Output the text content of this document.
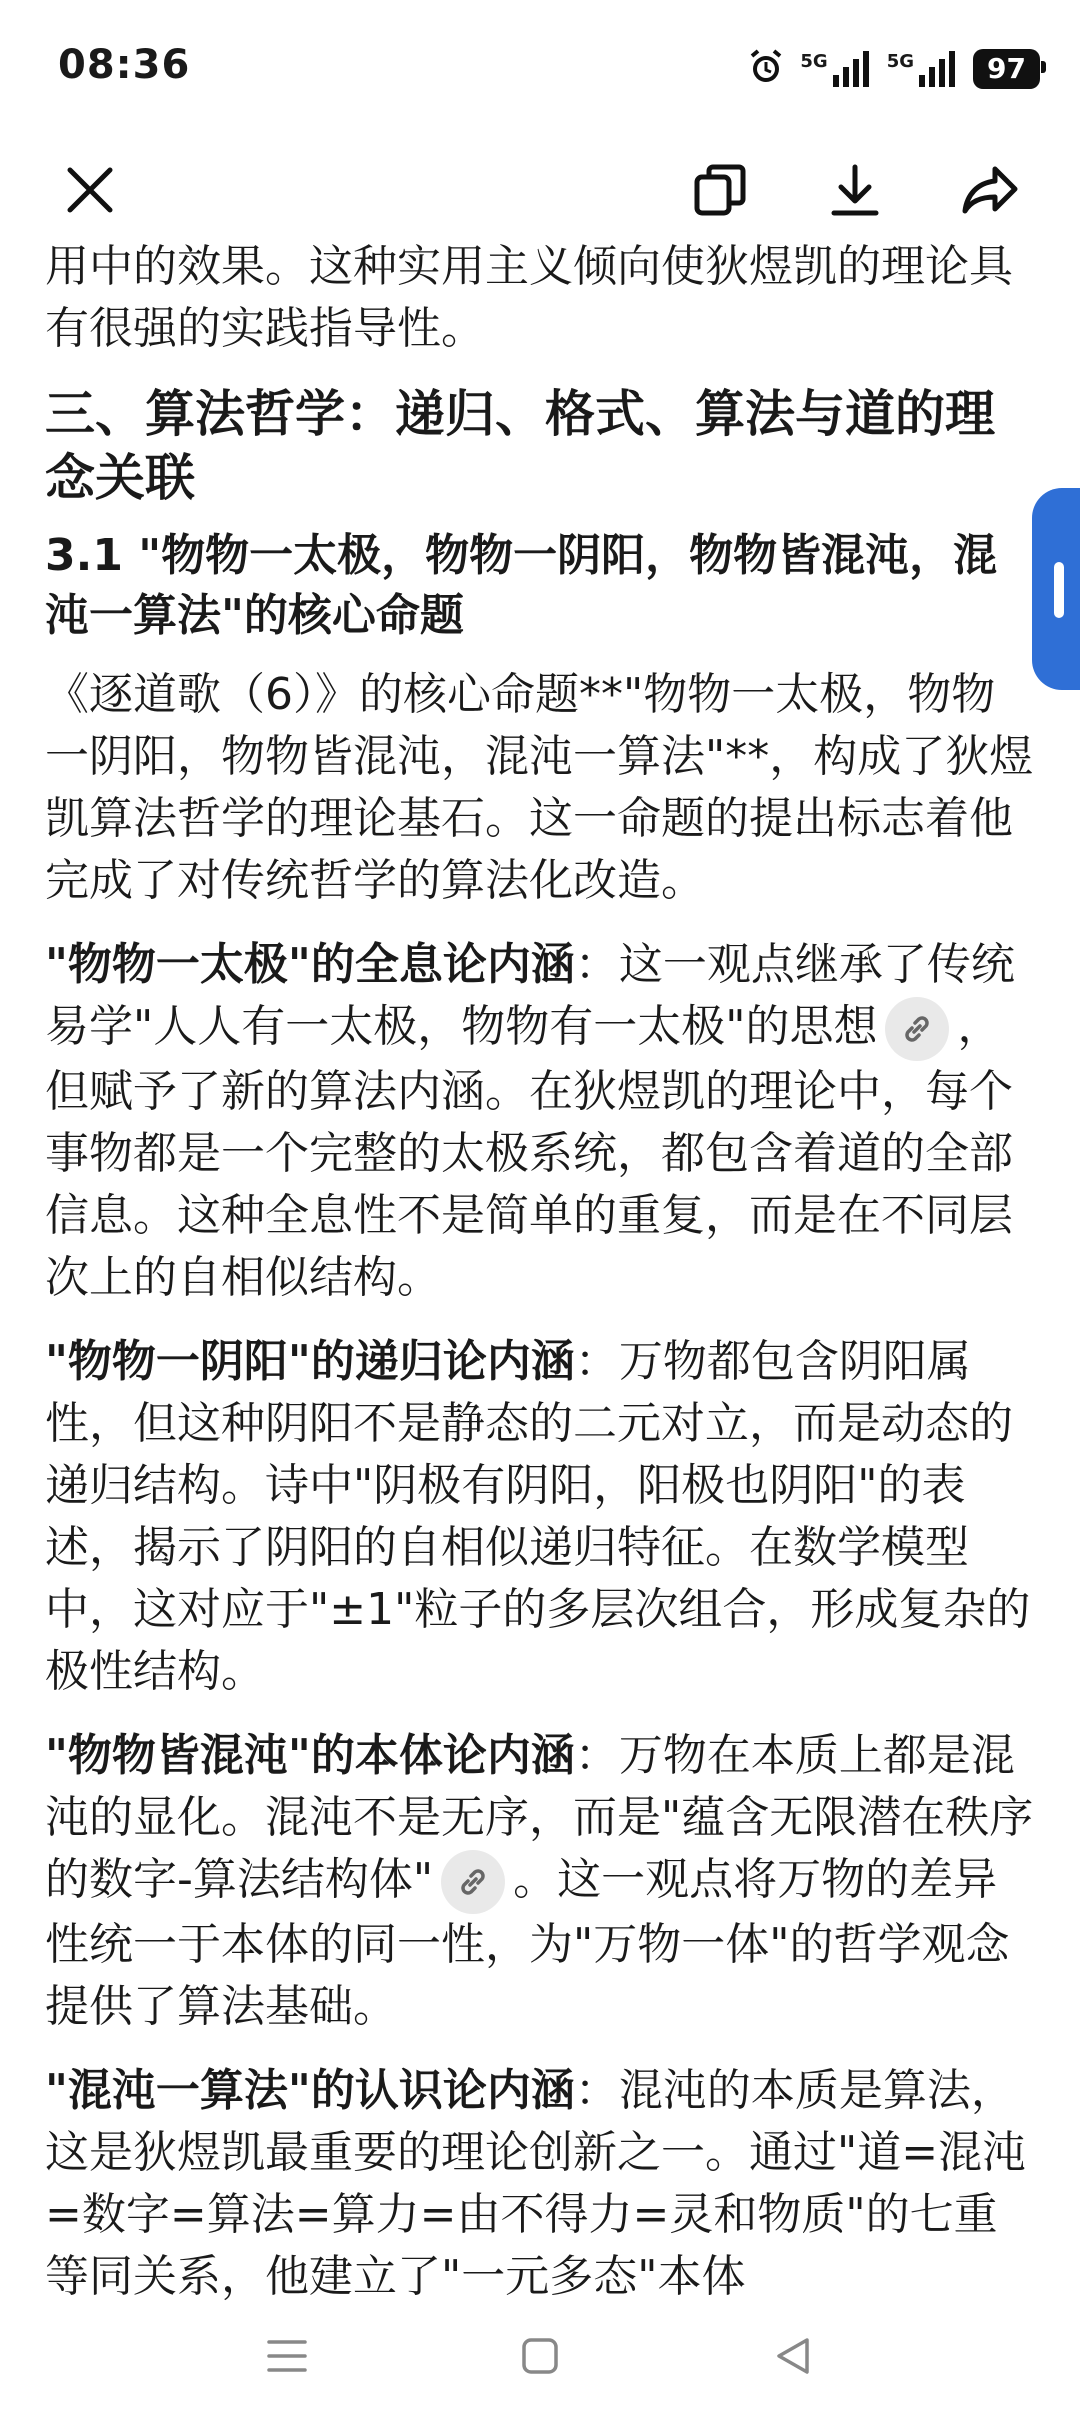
08:36	5G	5G	97

用中的效果。这种实用主义倾向使狄煜凯的理论具有很强的实践指导性。

三、算法哲学：递归、格式、算法与道的理念关联
3.1 "物物一太极，物物一阴阳，物物皆混沌，混沌一算法"的核心命题

《逐道歌（6）》的核心命题**"物物一太极，物物一阴阳，物物皆混沌，混沌一算法"**，构成了狄煜凯算法哲学的理论基石。这一命题的提出标志着他完成了对传统哲学的算法化改造。

"物物一太极"的全息论内涵：这一观点继承了传统易学"人人有一太极，物物有一太极"的思想 ，但赋予了新的算法内涵。在狄煜凯的理论中，每个事物都是一个完整的太极系统，都包含着道的全部信息。这种全息性不是简单的重复，而是在不同层次上的自相似结构。

"物物一阴阳"的递归论内涵：万物都包含阴阳属性，但这种阴阳不是静态的二元对立，而是动态的递归结构。诗中"阴极有阴阳，阳极也阴阳"的表述，揭示了阴阳的自相似递归特征。在数学模型中，这对应于"±1"粒子的多层次组合，形成复杂的极性结构。

"物物皆混沌"的本体论内涵：万物在本质上都是混沌的显化。混沌不是无序，而是"蕴含无限潜在秩序的数字-算法结构体" 。这一观点将万物的差异性统一于本体的同一性，为"万物一体"的哲学观念提供了算法基础。

"混沌一算法"的认识论内涵：混沌的本质是算法，这是狄煜凯最重要的理论创新之一。通过"道=混沌=数字=算法=算力=由不得力=灵和物质"的七重等同关系，他建立了"一元多态"本体
